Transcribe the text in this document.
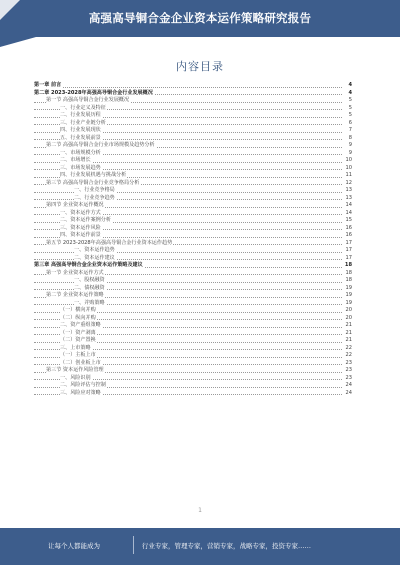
高强高导铜合金企业资本运作策略研究报告
内容目录
第一章 前言	4
第二章 2023-2028年高强高导铜合金行业发展概况	4
第一节 高强高导铜合金行业发展概况	5
一、行业定义及特征	5
二、行业发展历程	5
三、行业产业链分析	6
四、行业发展现状	7
五、行业发展前景	8
第二节 高强高导铜合金行业市场规模及趋势分析	9
一、市场规模分析	9
二、市场增长	10
三、市场发展趋势	10
四、行业发展机遇与挑战分析	11
第三节 高强高导铜合金行业竞争格局分析	12
一、行业竞争格局	13
二、行业竞争趋势	13
第四节 企业资本运作概况	14
一、资本运作方式	14
二、资本运作案例分析	15
三、资本运作风险	16
四、资本运作前景	16
第五节 2023-2028年高强高导铜合金行业资本运作趋势	17
一、资本运作趋势	17
二、资本运作建议	17
第三章 高强高导铜合金企业资本运作策略及建议	18
第一节 企业资本运作方式	18
一、股权融资	18
二、债权融资	19
第二节 企业资本运作策略	19
一、并购策略	19
（一）横向并购	20
（二）纵向并购	20
二、资产重组策略	21
（一）资产剥离	21
（二）资产置换	21
三、上市策略	22
（一）主板上市	22
（二）创业板上市	23
第三节 资本运作风险管理	23
一、风险识别	23
二、风险评估与控制	24
三、风险应对策略	24
1
让每个人都能成为	行业专家，管理专家，营销专家，战略专家，投资专家……
